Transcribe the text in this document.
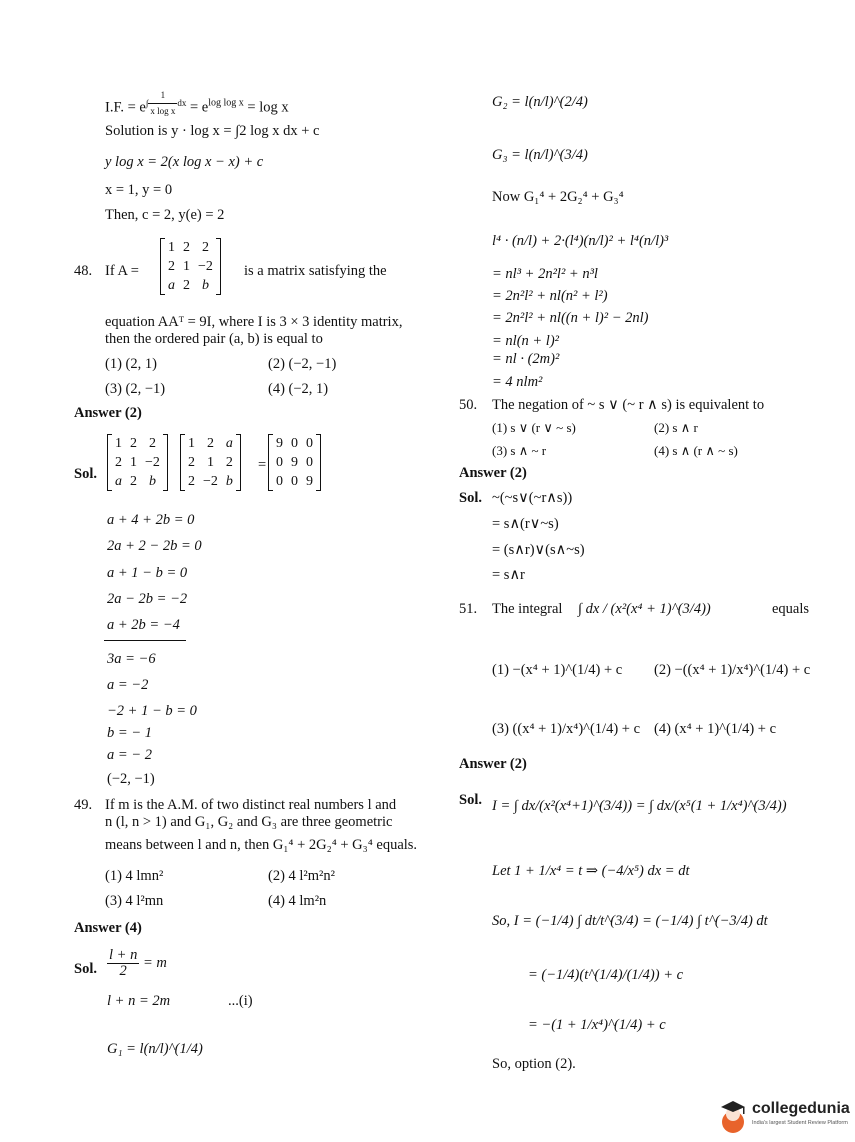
I.F. = $e^{\int \frac{1}{\text{x log x}} dx} = e^{log log x} = \log x$
Solution is y · log x = ∫2 log x dx + c
y log x = 2(x log x − x) + c
x = 1, y = 0
Then, c = 2, y(e) = 2
48. If A =
1	2	2
2	1	−2
a	2	b
is a matrix satisfying the
equation AAᵀ = 9I, where I is 3 × 3 identity matrix,
then the ordered pair (a, b) is equal to
(1) (2, 1)	(2) (−2, −1)
(3) (2, −1)	(4) (−2, 1)
Answer (2)
Sol.
1	2	2
2	1	−2
a	2	b
1	2	a
2	1	2
2	−2	b
=
9	0	0
0	9	0
0	0	9
a + 4 + 2b = 0
2a + 2 − 2b = 0
a + 1 − b = 0
2a − 2b = −2
a + 2b = −4
3a = −6
a = −2
−2 + 1 − b = 0
b = − 1
a = − 2
(−2, −1)
49. If m is the A.M. of two distinct real numbers l and
n (l, n > 1) and G₁, G₂ and G₃ are three geometric
means between l and n, then G₁⁴ + 2G₂⁴ + G₃⁴ equals.
(1) 4 lmn²	(2) 4 l²m²n²
(3) 4 l²mn	(4) 4 lm²n
Answer (4)
Sol. $\frac{l + n}{2} = m$
l + n = 2m	...(i)
G₁ = l(n/l)^(1/4)
G₂ = l(n/l)^(2/4)
G₃ = l(n/l)^(3/4)
Now G₁⁴ + 2G₂⁴ + G₃⁴
l⁴ · (n/l) + 2·(l⁴)(n/l)² + l⁴(n/l)³
= nl³ + 2n²l² + n³l
= 2n²l² + nl(n² + l²)
= 2n²l² + nl((n + l)² − 2nl)
= nl(n + l)²
= nl · (2m)²
= 4 nlm²
50. The negation of ~ s ∨ (~ r ∧ s) is equivalent to
(1) s ∨ (r ∨ ~ s)	(2) s ∧ r
(3) s ∧ ~ r	(4) s ∧ (r ∧ ~ s)
Answer (2)
Sol. ~(~s∨(~r∧s))
= s∧(r∨~s)
= (s∧r)∨(s∧~s)
= s∧r
51. The integral ∫ dx / (x²(x⁴ + 1)^(3/4))	equals
(1) −(x⁴ + 1)^(1/4) + c (2) −((x⁴ + 1)/x⁴)^(1/4) + c
(3) ((x⁴ + 1)/x⁴)^(1/4) + c (4) (x⁴ + 1)^(1/4) + c
Answer (2)
Sol. I = ∫ dx/(x²(x⁴+1)^(3/4)) = ∫ dx/(x⁵(1 + 1/x⁴)^(3/4))
Let 1 + 1/x⁴ = t ⇒ (−4/x⁵) dx = dt
So, I = (−1/4) ∫ dt/t^(3/4) = (−1/4) ∫ t^(−3/4) dt
= (−1/4)(t^(1/4)/(1/4)) + c
= −(1 + 1/x⁴)^(1/4) + c
So, option (2).
collegedunia
India's largest Student Review Platform
